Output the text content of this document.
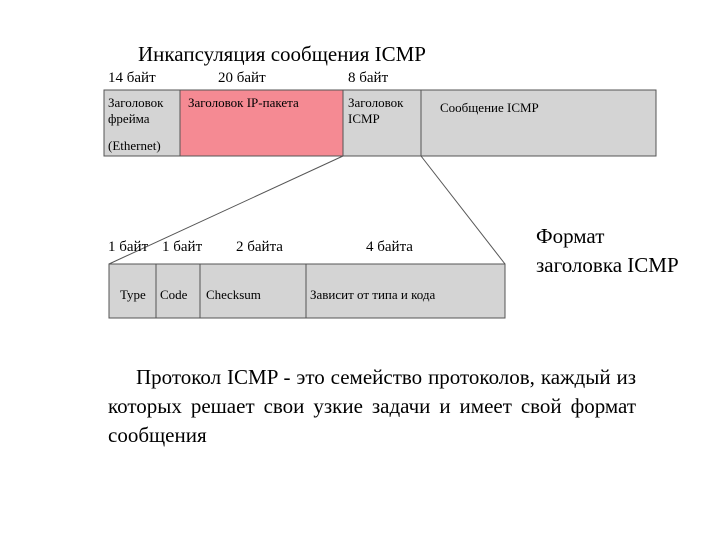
Инкапсуляция сообщения ICMP
14 байт	20 байт	8 байт
Заголовок
фрейма
(Ethernet)
Заголовок IP-пакета	Заголовок
ICMP
Сообщение ICMP
1 байт 1 байт 2 байта	4 байта
Type Code Checksum	Зависит от типа и кода
Формат
заголовка ICMP
Протокол ICMP - это семейство протоколов, каждый из которых решает свои узкие задачи и имеет свой формат сообщения
